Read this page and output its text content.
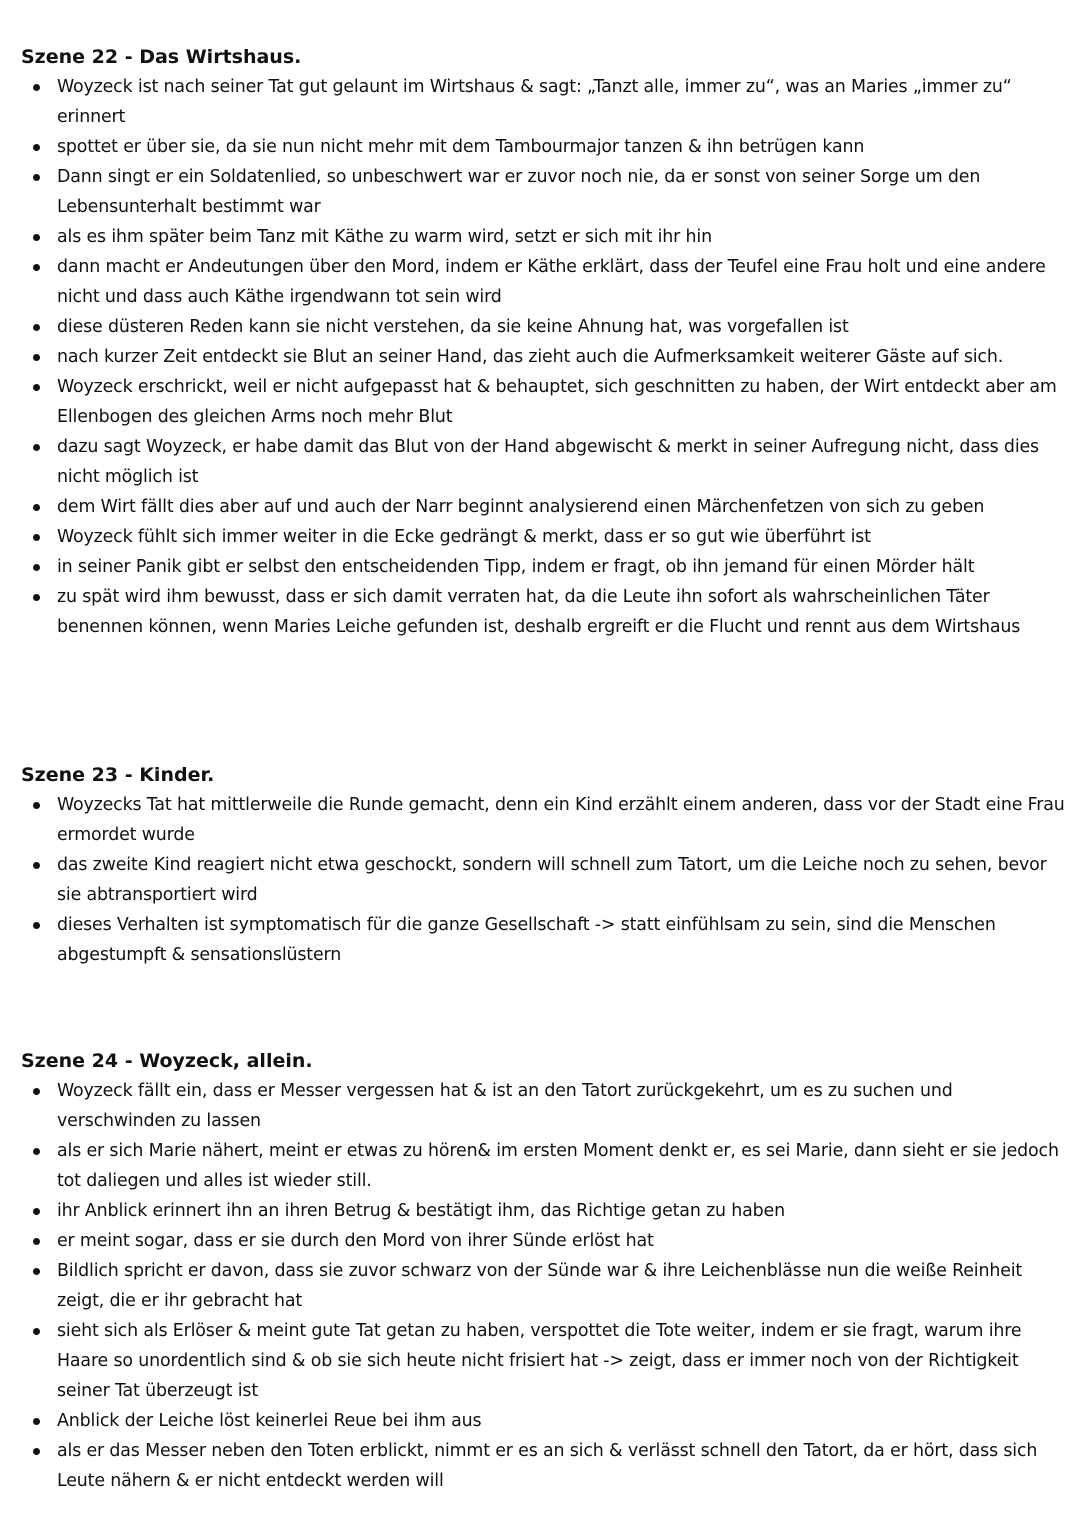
Szene 22 - Das Wirtshaus.
Woyzeck ist nach seiner Tat gut gelaunt im Wirtshaus & sagt: „Tanzt alle, immer zu“, was an Maries „immer zu“ erinnert
spottet er über sie, da sie nun nicht mehr mit dem Tambourmajor tanzen & ihn betrügen kann
Dann singt er ein Soldatenlied, so unbeschwert war er zuvor noch nie, da er sonst von seiner Sorge um den Lebensunterhalt bestimmt war
als es ihm später beim Tanz mit Käthe zu warm wird, setzt er sich mit ihr hin
dann macht er Andeutungen über den Mord, indem er Käthe erklärt, dass der Teufel eine Frau holt und eine andere nicht und dass auch Käthe irgendwann tot sein wird
diese düsteren Reden kann sie nicht verstehen, da sie keine Ahnung hat, was vorgefallen ist
nach kurzer Zeit entdeckt sie Blut an seiner Hand, das zieht auch die Aufmerksamkeit weiterer Gäste auf sich.
Woyzeck erschrickt, weil er nicht aufgepasst hat & behauptet, sich geschnitten zu haben, der Wirt entdeckt aber am Ellenbogen des gleichen Arms noch mehr Blut
dazu sagt Woyzeck, er habe damit das Blut von der Hand abgewischt & merkt in seiner Aufregung nicht, dass dies nicht möglich ist
dem Wirt fällt dies aber auf und auch der Narr beginnt analysierend einen Märchenfetzen von sich zu geben
Woyzeck fühlt sich immer weiter in die Ecke gedrängt & merkt, dass er so gut wie überführt ist
in seiner Panik gibt er selbst den entscheidenden Tipp, indem er fragt, ob ihn jemand für einen Mörder hält
zu spät wird ihm bewusst, dass er sich damit verraten hat, da die Leute ihn sofort als wahrscheinlichen Täter benennen können, wenn Maries Leiche gefunden ist, deshalb ergreift er die Flucht und rennt aus dem Wirtshaus
Szene 23 - Kinder.
Woyzecks Tat hat mittlerweile die Runde gemacht, denn ein Kind erzählt einem anderen, dass vor der Stadt eine Frau ermordet wurde
das zweite Kind reagiert nicht etwa geschockt, sondern will schnell zum Tatort, um die Leiche noch zu sehen, bevor sie abtransportiert wird
dieses Verhalten ist symptomatisch für die ganze Gesellschaft -> statt einfühlsam zu sein, sind die Menschen abgestumpft & sensationslüstern
Szene 24 - Woyzeck, allein.
Woyzeck fällt ein, dass er Messer vergessen hat & ist an den Tatort zurückgekehrt, um es zu suchen und verschwinden zu lassen
als er sich Marie nähert, meint er etwas zu hören& im ersten Moment denkt er, es sei Marie, dann sieht er sie jedoch tot daliegen und alles ist wieder still.
ihr Anblick erinnert ihn an ihren Betrug & bestätigt ihm, das Richtige getan zu haben
er meint sogar, dass er sie durch den Mord von ihrer Sünde erlöst hat
Bildlich spricht er davon, dass sie zuvor schwarz von der Sünde war & ihre Leichenblässe nun die weiße Reinheit zeigt, die er ihr gebracht hat
sieht sich als Erlöser & meint gute Tat getan zu haben, verspottet die Tote weiter, indem er sie fragt, warum ihre Haare so unordentlich sind & ob sie sich heute nicht frisiert hat -> zeigt, dass er immer noch von der Richtigkeit seiner Tat überzeugt ist
Anblick der Leiche löst keinerlei Reue bei ihm aus
als er das Messer neben den Toten erblickt, nimmt er es an sich & verlässt schnell den Tatort, da er hört, dass sich Leute nähern & er nicht entdeckt werden will
